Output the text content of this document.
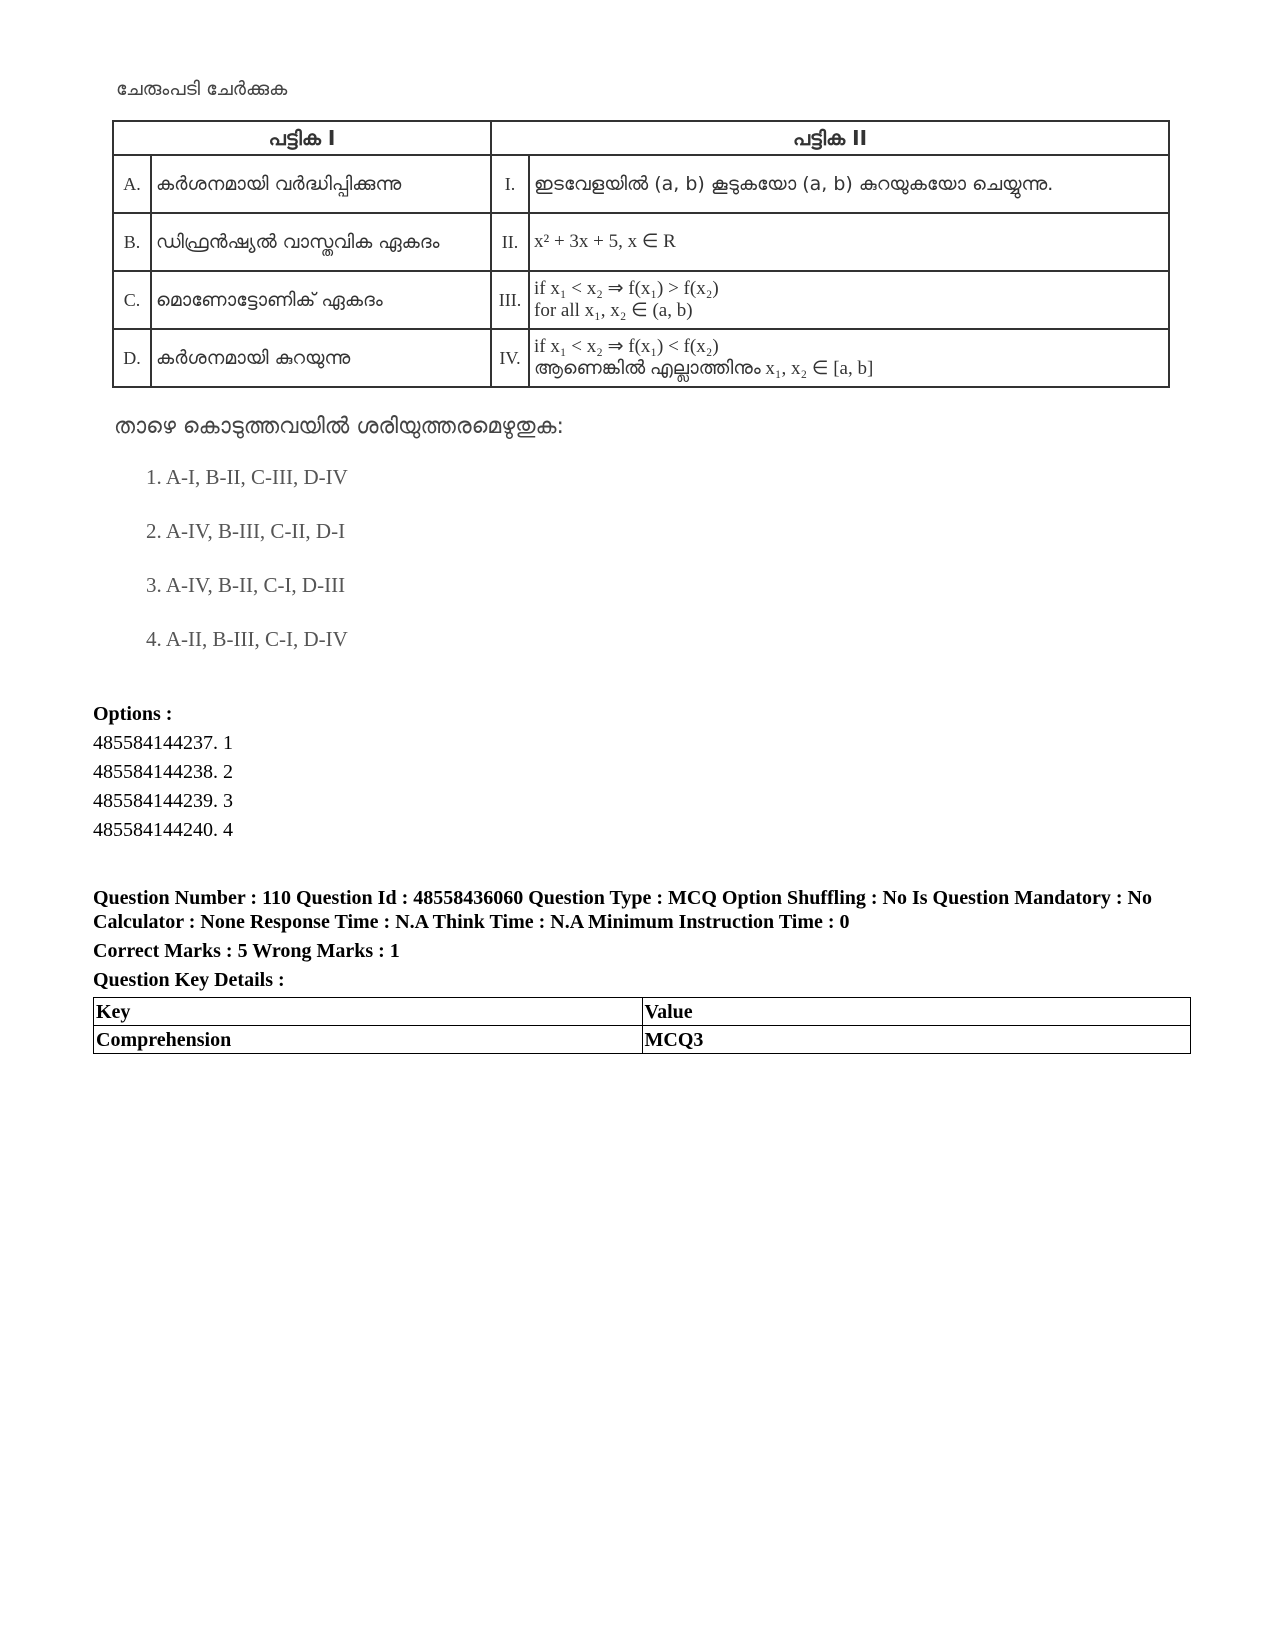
ചേരുംപടി ചേർക്കുക

പട്ടിക I		പട്ടിക II	
A.	കർശനമായി വർദ്ധിപ്പിക്കുന്നു	I.	ഇടവേളയിൽ (a, b) കൂടുകയോ (a, b) കുറയുകയോ ചെയ്യുന്നു.
B.	ഡിഫ്രൻഷ്യൽ വാസ്തവിക ഏകദം	II.	x² + 3x + 5, x ∈ R
C.	മൊണോട്ടോണിക് ഏകദം	III.	if x₁ < x₂ ⇒ f(x₁) > f(x₂)
for all x₁, x₂ ∈ (a, b)

D.	കർശനമായി കുറയുന്നു	IV.	if x₁ < x₂ ⇒ f(x₁) < f(x₂)
ആണെങ്കിൽ എല്ലാത്തിനും x₁, x₂ ∈ [a, b]

താഴെ കൊടുത്തവയിൽ ശരിയുത്തരമെഴുതുക:

1. A-I, B-II, C-III, D-IV
2. A-IV, B-III, C-II, D-I
3. A-IV, B-II, C-I, D-III
4. A-II, B-III, C-I, D-IV
Options :
485584144237. 1
485584144238. 2
485584144239. 3
485584144240. 4

Question Number : 110 Question Id : 48558436060 Question Type : MCQ Option Shuffling : No Is Question Mandatory : No Calculator : None Response Time : N.A Think Time : N.A Minimum Instruction Time : 0

Correct Marks : 5 Wrong Marks : 1

Question Key Details :

Key	Value
Comprehension	MCQ3
